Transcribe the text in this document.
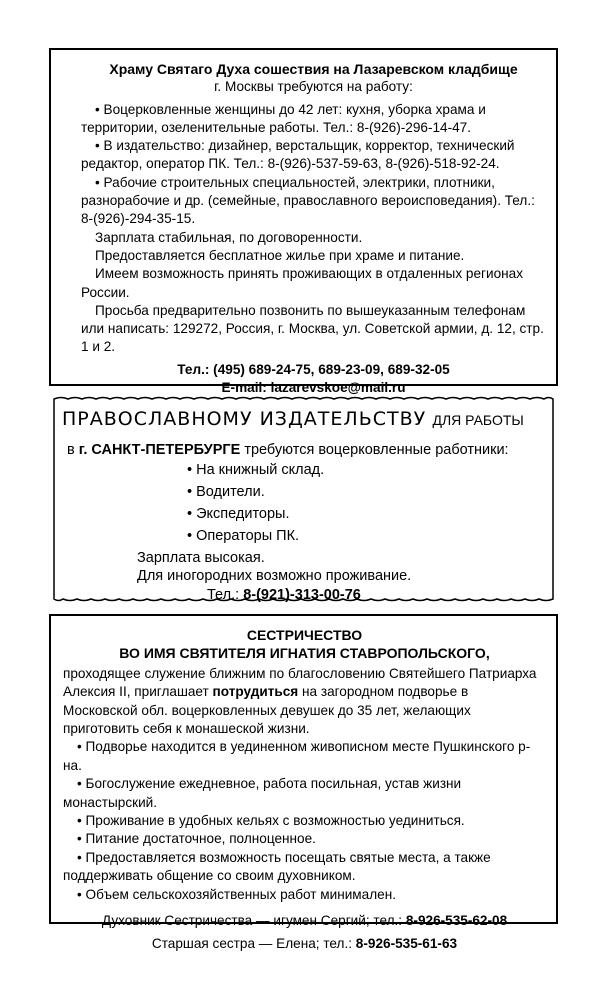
Храму Святаго Духа сошествия на Лазаревском кладбище

г. Москвы требуются на работу:

• Воцерковленные женщины до 42 лет: кухня, уборка храма и территории, озеленительные работы. Тел.: 8-(926)-296-14-47.

• В издательство: дизайнер, верстальщик, корректор, технический редактор, оператор ПК. Тел.: 8-(926)-537-59-63, 8-(926)-518-92-24.

• Рабочие строительных специальностей, электрики, плотники, разнорабочие и др. (семейные, православного вероисповедания). Тел.: 8-(926)-294-35-15.

Зарплата стабильная, по договоренности.

Предоставляется бесплатное жилье при храме и питание.

Имеем возможность принять проживающих в отдаленных регионах России.

Просьба предварительно позвонить по вышеуказанным телефонам или написать: 129272, Россия, г. Москва, ул. Советской армии, д. 12, стр. 1 и 2.

Тел.: (495) 689-24-75, 689-23-09, 689-32-05

E-mail: lazarevskoe@mail.ru

ПРАВОСЛАВНОМУ ИЗДАТЕЛЬСТВУ ДЛЯ РАБОТЫ
в г. САНКТ-ПЕТЕРБУРГЕ требуются воцерковленные работники:
• На книжный склад.
• Водители.
• Экспедиторы.
• Операторы ПК.
Зарплата высокая.
Для иногородних возможно проживание.
Тел.: 8-(921)-313-00-76

СЕСТРИЧЕСТВО

ВО ИМЯ СВЯТИТЕЛЯ ИГНАТИЯ СТАВРОПОЛЬСКОГО,

проходящее служение ближним по благословению Святейшего Патриарха Алексия II, приглашает потрудиться на загородном подворье в Московской обл. воцерковленных девушек до 35 лет, желающих приготовить себя к монашеской жизни.

• Подворье находится в уединенном живописном месте Пушкинского р-на.

• Богослужение ежедневное, работа посильная, устав жизни монастырский.

• Проживание в удобных кельях с возможностью уединиться.

• Питание достаточное, полноценное.

• Предоставляется возможность посещать святые места, а также поддерживать общение со своим духовником.

• Объем сельскохозяйственных работ минимален.

Духовник Сестричества — игумен Сергий; тел.: 8-926-535-62-08

Старшая сестра — Елена; тел.: 8-926-535-61-63
